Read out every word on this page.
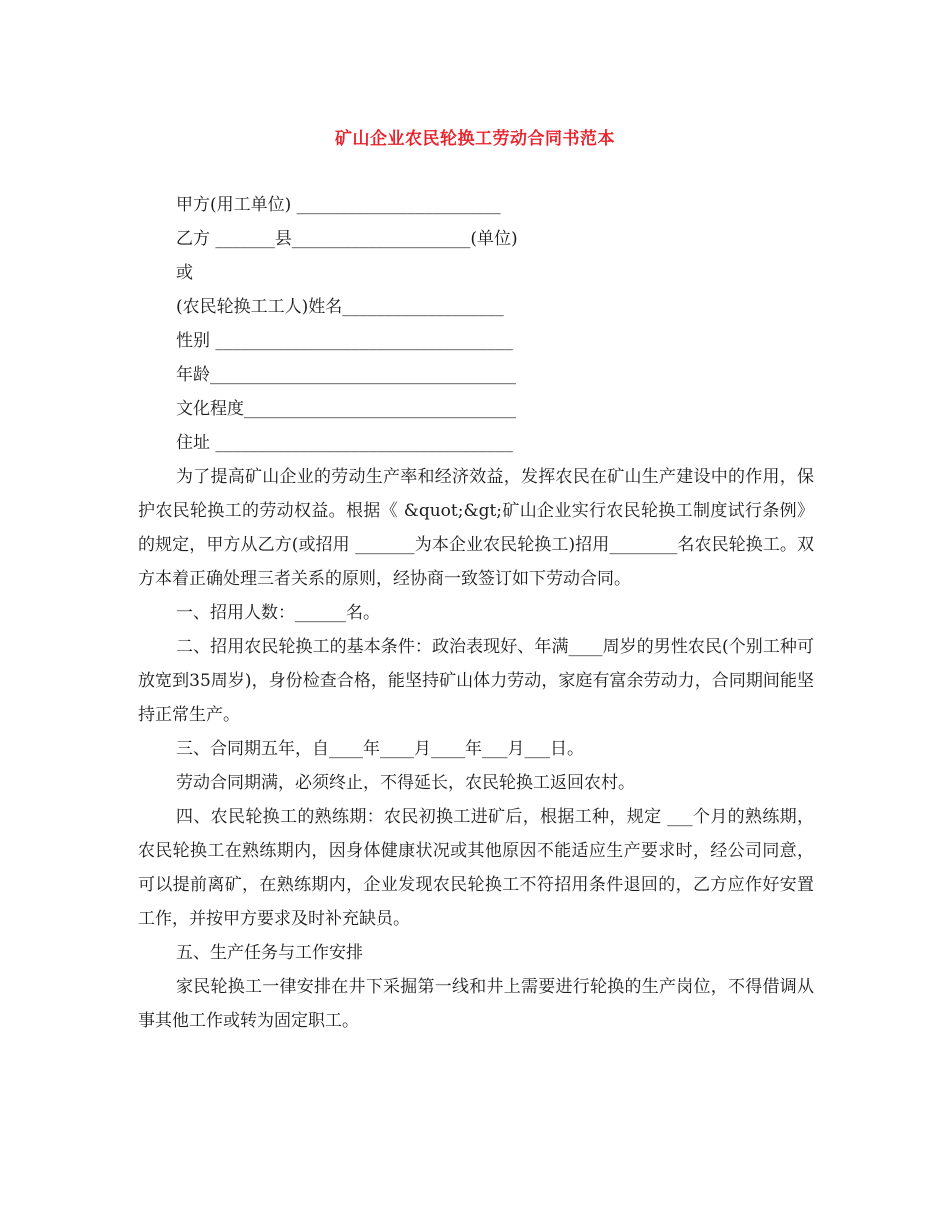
矿山企业农民轮换工劳动合同书范本

甲方(用工单位) ________________________

乙方 _______县_____________________(单位)

或

(农民轮换工工人)姓名___________________

性别 ___________________________________

年龄____________________________________

文化程度________________________________

住址 ___________________________________

为了提高矿山企业的劳动生产率和经济效益，发挥农民在矿山生产建设中的作用，保护农民轮换工的劳动权益。根据《 &quot;&gt;矿山企业实行农民轮换工制度试行条例》的规定，甲方从乙方(或招用 _______为本企业农民轮换工)招用________名农民轮换工。双方本着正确处理三者关系的原则，经协商一致签订如下劳动合同。

一、招用人数：______名。

二、招用农民轮换工的基本条件：政治表现好、年满____周岁的男性农民(个别工种可放宽到35周岁)，身份检查合格，能坚持矿山体力劳动，家庭有富余劳动力，合同期间能坚持正常生产。

三、合同期五年，自____年____月____年___月___日。

劳动合同期满，必须终止，不得延长，农民轮换工返回农村。

四、农民轮换工的熟练期：农民初换工进矿后，根据工种，规定 ___个月的熟练期，农民轮换工在熟练期内，因身体健康状况或其他原因不能适应生产要求时，经公司同意，可以提前离矿，在熟练期内，企业发现农民轮换工不符招用条件退回的，乙方应作好安置工作，并按甲方要求及时补充缺员。

五、生产任务与工作安排

家民轮换工一律安排在井下采掘第一线和井上需要进行轮换的生产岗位，不得借调从事其他工作或转为固定职工。
